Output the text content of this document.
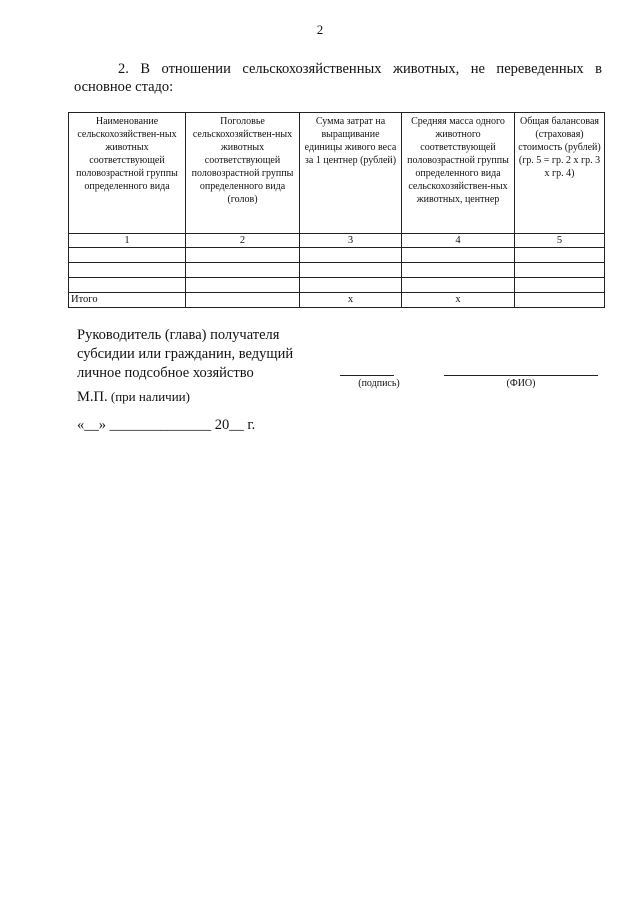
2
2. В отношении сельскохозяйственных животных, не переведенных в основное стадо:
Наименование сельскохозяйствен-ных животных соответствующей половозрастной группы определенного вида	Поголовье сельскохозяйствен-ных животных соответствующей половозрастной группы определенного вида (голов)	Сумма затрат на выращивание единицы живого веса за 1 центнер (рублей)	Средняя масса одного животного соответствующей половозрастной группы определенного вида сельскохозяйствен-ных животных, центнер	Общая балансовая (страховая) стоимость (рублей) (гр. 5 = гр. 2 х гр. 3 х гр. 4)
1	2	3	4	5

Итого		х	х	
Руководитель (глава) получателя
субсидии или гражданин, ведущий
личное подсобное хозяйство
(подпись)	(ФИО)
М.П. (при наличии)
«__» ______________ 20__ г.
